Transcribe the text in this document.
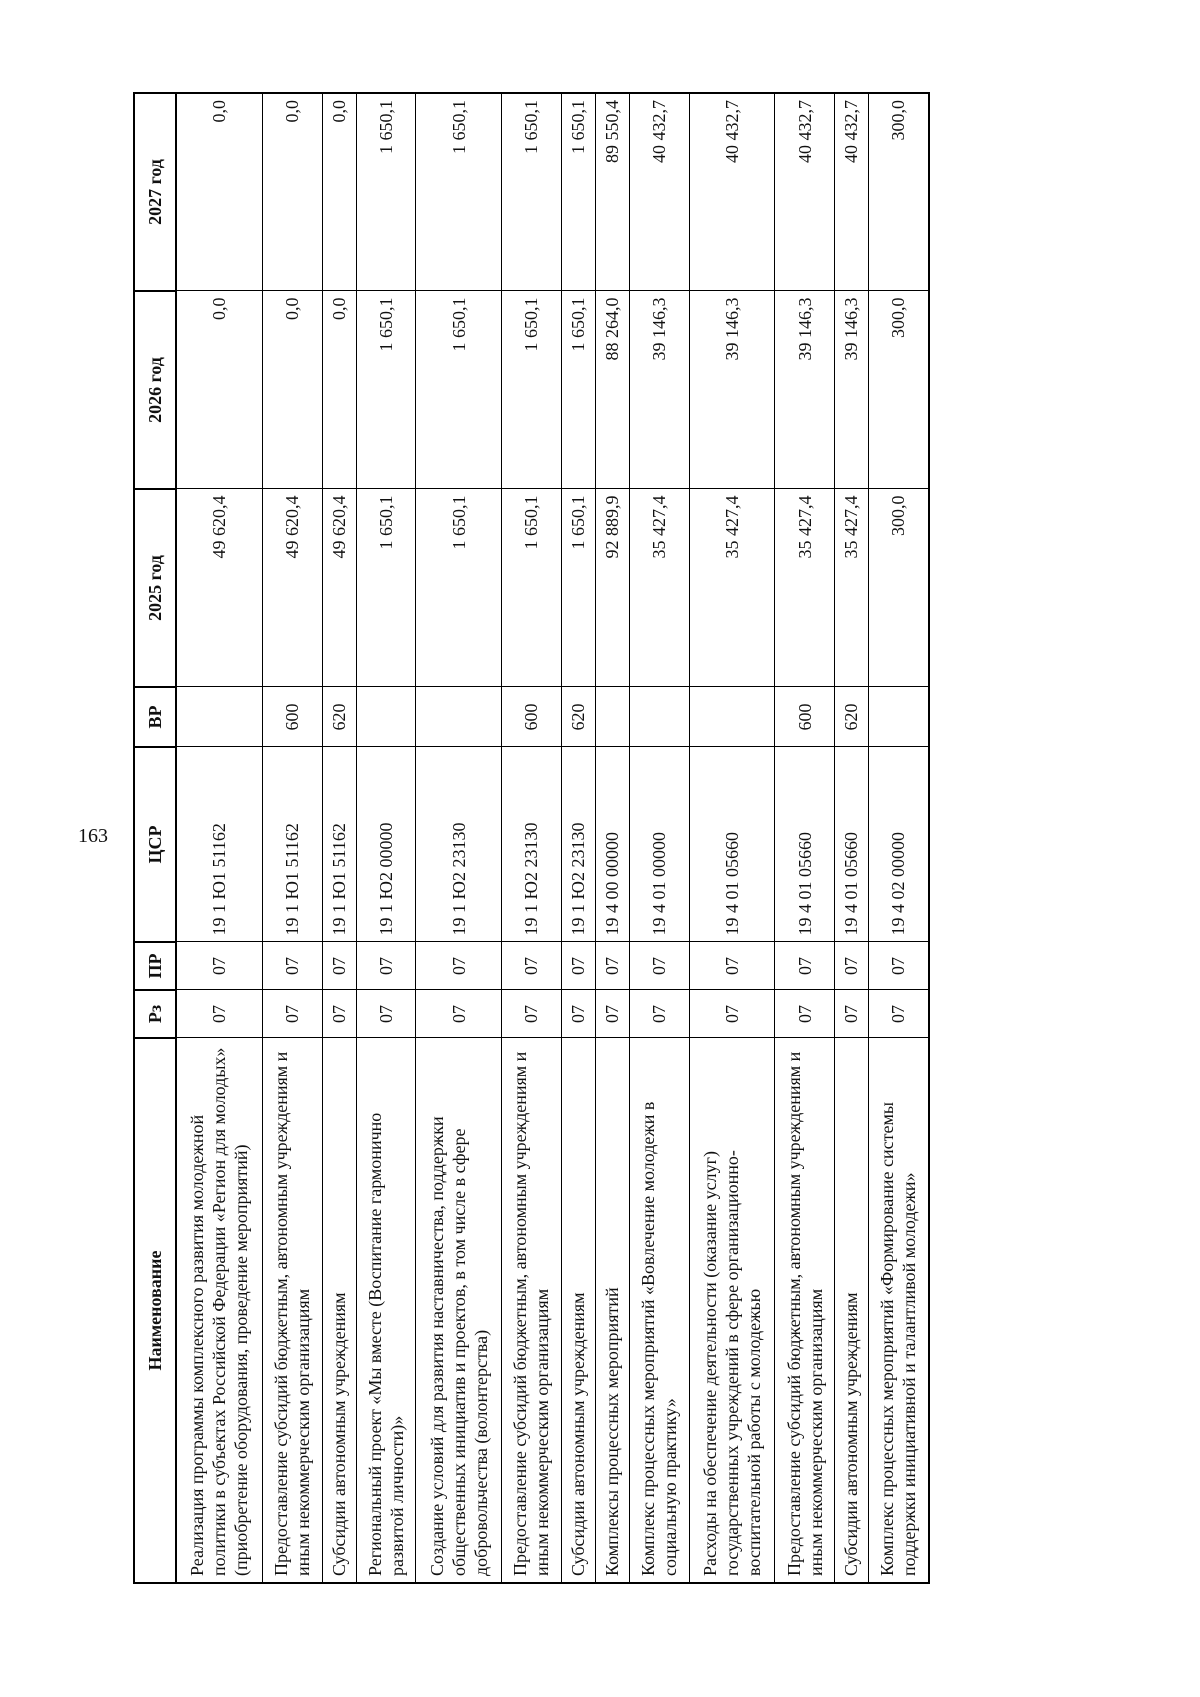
163
Наименование	Рз	ПР	ЦСР	ВР	2025 год	2026 год	2027 год
Реализация программы комплексного развития молодежной политики в субъектах Российской Федерации «Регион для молодых» (приобретение оборудования, проведение мероприятий)	07	07	19 1 Ю1 51162		49 620,4	0,0	0,0
Предоставление субсидий бюджетным, автономным учреждениям и иным некоммерческим организациям	07	07	19 1 Ю1 51162	600	49 620,4	0,0	0,0
Субсидии автономным учреждениям	07	07	19 1 Ю1 51162	620	49 620,4	0,0	0,0
Региональный проект «Мы вместе (Воспитание гармонично развитой личности)»	07	07	19 1 Ю2 00000		1 650,1	1 650,1	1 650,1
Создание условий для развития наставничества, поддержки общественных инициатив и проектов, в том числе в сфере добровольчества (волонтерства)	07	07	19 1 Ю2 23130		1 650,1	1 650,1	1 650,1
Предоставление субсидий бюджетным, автономным учреждениям и иным некоммерческим организациям	07	07	19 1 Ю2 23130	600	1 650,1	1 650,1	1 650,1
Субсидии автономным учреждениям	07	07	19 1 Ю2 23130	620	1 650,1	1 650,1	1 650,1
Комплексы процессных мероприятий	07	07	19 4 00 00000		92 889,9	88 264,0	89 550,4
Комплекс процессных мероприятий «Вовлечение молодежи в социальную практику»	07	07	19 4 01 00000		35 427,4	39 146,3	40 432,7
Расходы на обеспечение деятельности (оказание услуг) государственных учреждений в сфере организационно-воспитательной работы с молодежью	07	07	19 4 01 05660		35 427,4	39 146,3	40 432,7
Предоставление субсидий бюджетным, автономным учреждениям и иным некоммерческим организациям	07	07	19 4 01 05660	600	35 427,4	39 146,3	40 432,7
Субсидии автономным учреждениям	07	07	19 4 01 05660	620	35 427,4	39 146,3	40 432,7
Комплекс процессных мероприятий «Формирование системы поддержки инициативной и талантливой молодежи»	07	07	19 4 02 00000		300,0	300,0	300,0
